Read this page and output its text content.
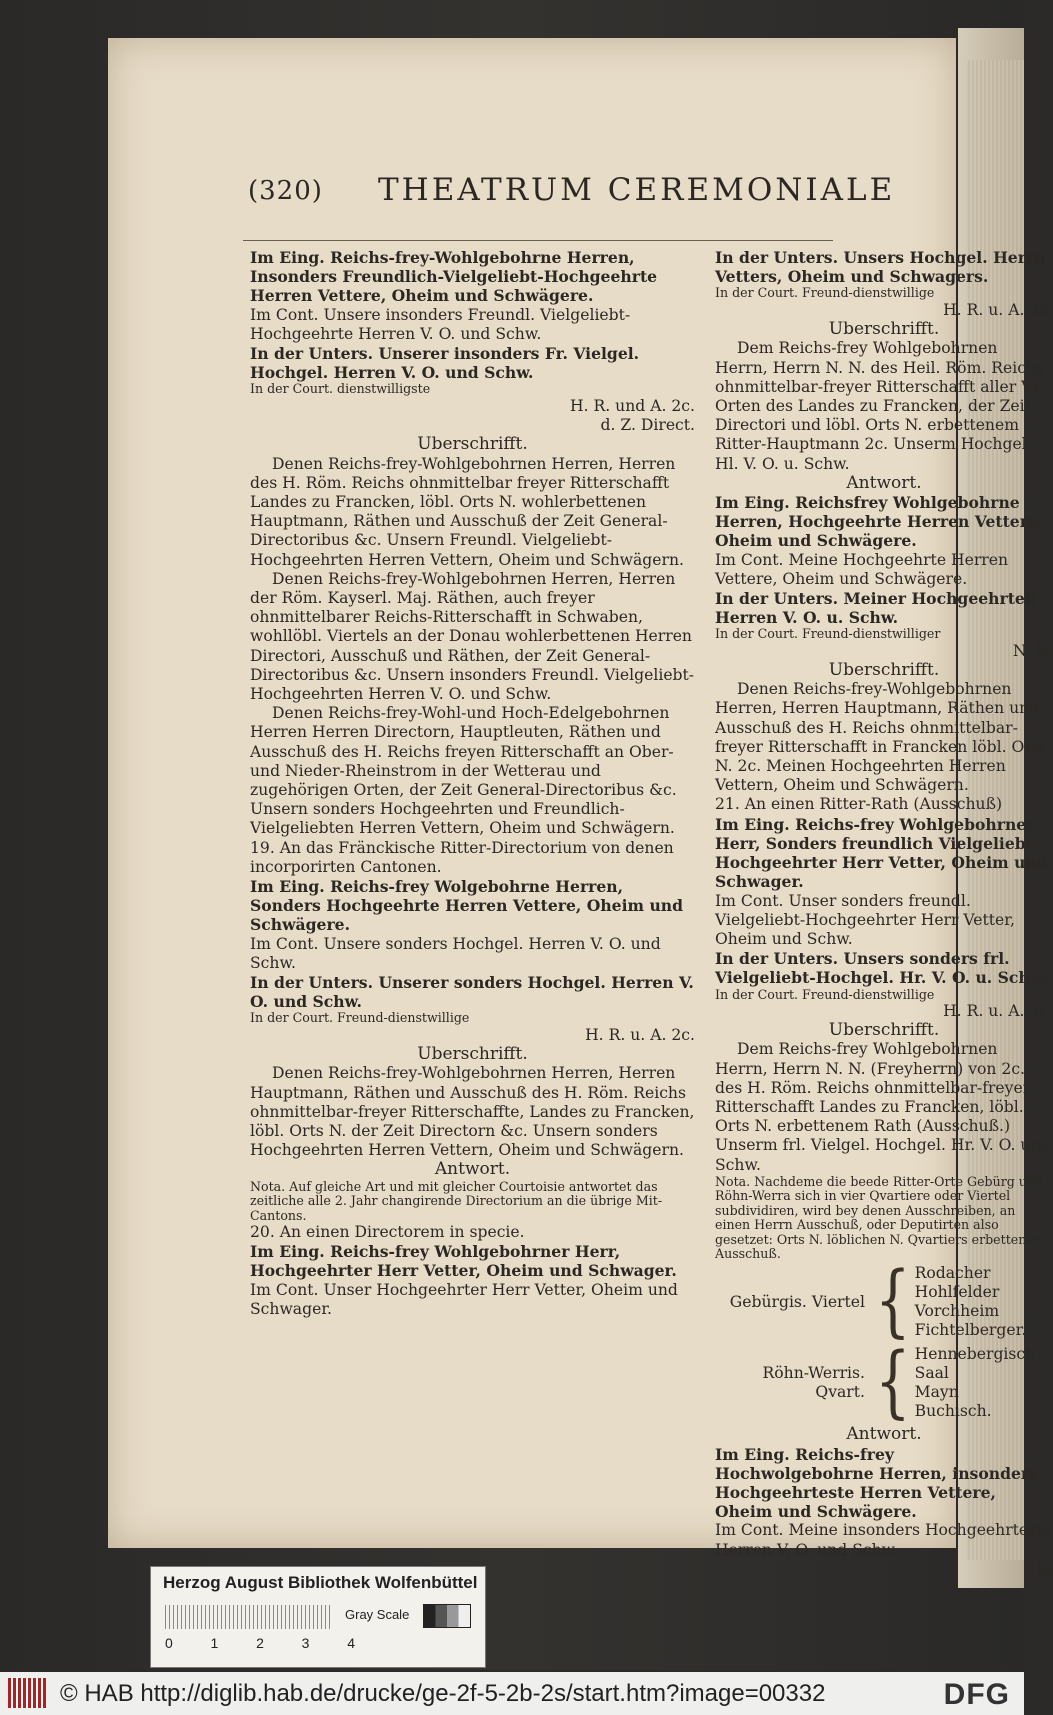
(320) THEATRUM CEREMONIALE

Im Eing. Reichs-frey-Wohlgebohrne Herren, Insonders Freundlich-Vielgeliebt-Hochgeehrte Herren Vettere, Oheim und Schwägere.

Im Cont. Unsere insonders Freundl. Vielgeliebt-Hochgeehrte Herren V. O. und Schw.

In der Unters. Unserer insonders Fr. Vielgel. Hochgel. Herren V. O. und Schw.

In der Court. dienstwilligste

H. R. und A. 2c.

d. Z. Direct.

Uberschrifft.

Denen Reichs-frey-Wohlgebohrnen Herren, Herren des H. Röm. Reichs ohnmittelbar freyer Ritterschafft Landes zu Francken, löbl. Orts N. wohlerbettenen Hauptmann, Räthen und Ausschuß der Zeit General-Directoribus &c. Unsern Freundl. Vielgeliebt-Hochgeehrten Herren Vettern, Oheim und Schwägern.

Denen Reichs-frey-Wohlgebohrnen Herren, Herren der Röm. Kayserl. Maj. Räthen, auch freyer ohnmittelbarer Reichs-Ritterschafft in Schwaben, wohllöbl. Viertels an der Donau wohlerbettenen Herren Directori, Ausschuß und Räthen, der Zeit General-Directoribus &c. Unsern insonders Freundl. Vielgeliebt-Hochgeehrten Herren V. O. und Schw.

Denen Reichs-frey-Wohl-und Hoch-Edelgebohrnen Herren Herren Directorn, Hauptleuten, Räthen und Ausschuß des H. Reichs freyen Ritterschafft an Ober-und Nieder-Rheinstrom in der Wetterau und zugehörigen Orten, der Zeit General-Directoribus &c. Unsern sonders Hochgeehrten und Freundlich-Vielgeliebten Herren Vettern, Oheim und Schwägern.

19. An das Fränckische Ritter-Directorium von denen incorporirten Cantonen.

Im Eing. Reichs-frey Wolgebohrne Herren, Sonders Hochgeehrte Herren Vettere, Oheim und Schwägere.

Im Cont. Unsere sonders Hochgel. Herren V. O. und Schw.

In der Unters. Unserer sonders Hochgel. Herren V. O. und Schw.

In der Court. Freund-dienstwillige

H. R. u. A. 2c.

Uberschrifft.

Denen Reichs-frey-Wohlgebohrnen Herren, Herren Hauptmann, Räthen und Ausschuß des H. Röm. Reichs ohnmittelbar-freyer Ritterschaffte, Landes zu Francken, löbl. Orts N. der Zeit Directorn &c. Unsern sonders Hochgeehrten Herren Vettern, Oheim und Schwägern.

Antwort.

Nota. Auf gleiche Art und mit gleicher Courtoisie antwortet das zeitliche alle 2. Jahr changirende Directorium an die übrige Mit-Cantons.

20. An einen Directorem in specie.

Im Eing. Reichs-frey Wohlgebohrner Herr, Hochgeehrter Herr Vetter, Oheim und Schwager.

Im Cont. Unser Hochgeehrter Herr Vetter, Oheim und Schwager.

In der Unters. Unsers Hochgel. Herrn Vetters, Oheim und Schwagers.

In der Court. Freund-dienstwillige

H. R. u. A. 2c.

Uberschrifft.

Dem Reichs-frey Wohlgebohrnen Herrn, Herrn N. N. des Heil. Röm. Reichs ohnmittelbar-freyer Ritterschafft aller VI. Orten des Landes zu Francken, der Zeit Directori und löbl. Orts N. erbettenem Ritter-Hauptmann 2c. Unserm Hochgel. Hl. V. O. u. Schw.

Antwort.

Im Eing. Reichsfrey Wohlgebohrne Herren, Hochgeehrte Herren Vettere, Oheim und Schwägere.

Im Cont. Meine Hochgeehrte Herren Vettere, Oheim und Schwägere.

In der Unters. Meiner Hochgeehrten Herren V. O. u. Schw.

In der Court. Freund-dienstwilliger

N. N.

Uberschrifft.

Denen Reichs-frey-Wohlgebohrnen Herren, Herren Hauptmann, Räthen und Ausschuß des H. Reichs ohnmittelbar-freyer Ritterschafft in Francken löbl. Orts N. 2c. Meinen Hochgeehrten Herren Vettern, Oheim und Schwägern.

21. An einen Ritter-Rath (Ausschuß)

Im Eing. Reichs-frey Wohlgebohrner Herr, Sonders freundlich Vielgeliebt-Hochgeehrter Herr Vetter, Oheim und Schwager.

Im Cont. Unser sonders freundl. Vielgeliebt-Hochgeehrter Herr Vetter, Oheim und Schw.

In der Unters. Unsers sonders frl. Vielgeliebt-Hochgel. Hr. V. O. u. Schw.

In der Court. Freund-dienstwillige

H. R. u. A. 2c.

Uberschrifft.

Dem Reichs-frey Wohlgebohrnen Herrn, Herrn N. N. (Freyherrn) von 2c. des H. Röm. Reichs ohnmittelbar-freyer Ritterschafft Landes zu Francken, löbl. Orts N. erbettenem Rath (Ausschuß.) Unserm frl. Vielgel. Hochgel. Hr. V. O. und Schw.

Nota. Nachdeme die beede Ritter-Orte Gebürg und Röhn-Werra sich in vier Qvartiere oder Viertel subdividiren, wird bey denen Ausschreiben, an einen Herrn Ausschuß, oder Deputirten also gesetzet: Orts N. löblichen N. Qvartiers erbettenem Ausschuß.

Gebürgis. Viertel { Rodacher
Hohlfelder
Vorchheim
Fichtelberger.
Röhn-Werris. Qvart. { Hennebergisch
Saal
Mayn
Buchisch.

Antwort.

Im Eing. Reichs-frey Hochwolgebohrne Herren, insonders Hochgeehrteste Herren Vettere, Oheim und Schwägere.

Im Cont. Meine insonders Hochgeehrteste Herren V. O. und Schw.

In

Herzog August Bibliothek Wolfenbüttel
Gray Scale
0	1	2	3	4
© HAB http://diglib.hab.de/drucke/ge-2f-5-2b-2s/start.htm?image=00332	DFG
